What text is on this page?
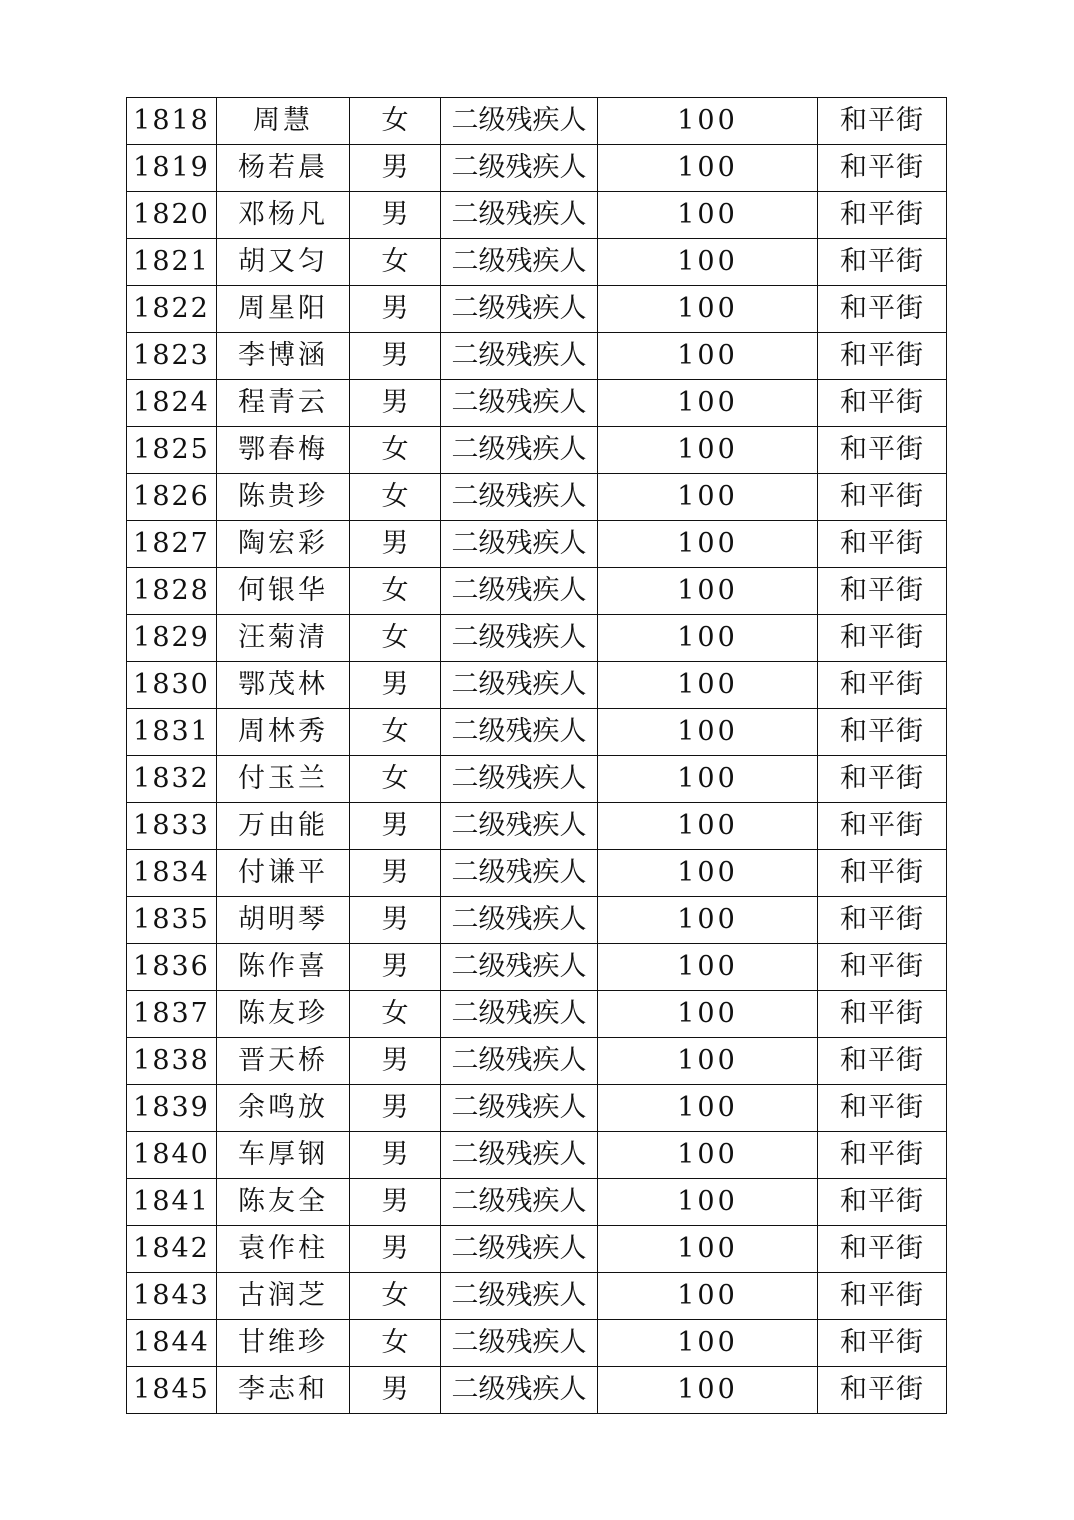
1818	周慧	女	二级残疾人	100	和平街
1819	杨若晨	男	二级残疾人	100	和平街
1820	邓杨凡	男	二级残疾人	100	和平街
1821	胡又匀	女	二级残疾人	100	和平街
1822	周星阳	男	二级残疾人	100	和平街
1823	李博涵	男	二级残疾人	100	和平街
1824	程青云	男	二级残疾人	100	和平街
1825	鄂春梅	女	二级残疾人	100	和平街
1826	陈贵珍	女	二级残疾人	100	和平街
1827	陶宏彩	男	二级残疾人	100	和平街
1828	何银华	女	二级残疾人	100	和平街
1829	汪菊清	女	二级残疾人	100	和平街
1830	鄂茂林	男	二级残疾人	100	和平街
1831	周林秀	女	二级残疾人	100	和平街
1832	付玉兰	女	二级残疾人	100	和平街
1833	万由能	男	二级残疾人	100	和平街
1834	付谦平	男	二级残疾人	100	和平街
1835	胡明琴	男	二级残疾人	100	和平街
1836	陈作喜	男	二级残疾人	100	和平街
1837	陈友珍	女	二级残疾人	100	和平街
1838	晋天桥	男	二级残疾人	100	和平街
1839	余鸣放	男	二级残疾人	100	和平街
1840	车厚钢	男	二级残疾人	100	和平街
1841	陈友全	男	二级残疾人	100	和平街
1842	袁作柱	男	二级残疾人	100	和平街
1843	古润芝	女	二级残疾人	100	和平街
1844	甘维珍	女	二级残疾人	100	和平街
1845	李志和	男	二级残疾人	100	和平街
